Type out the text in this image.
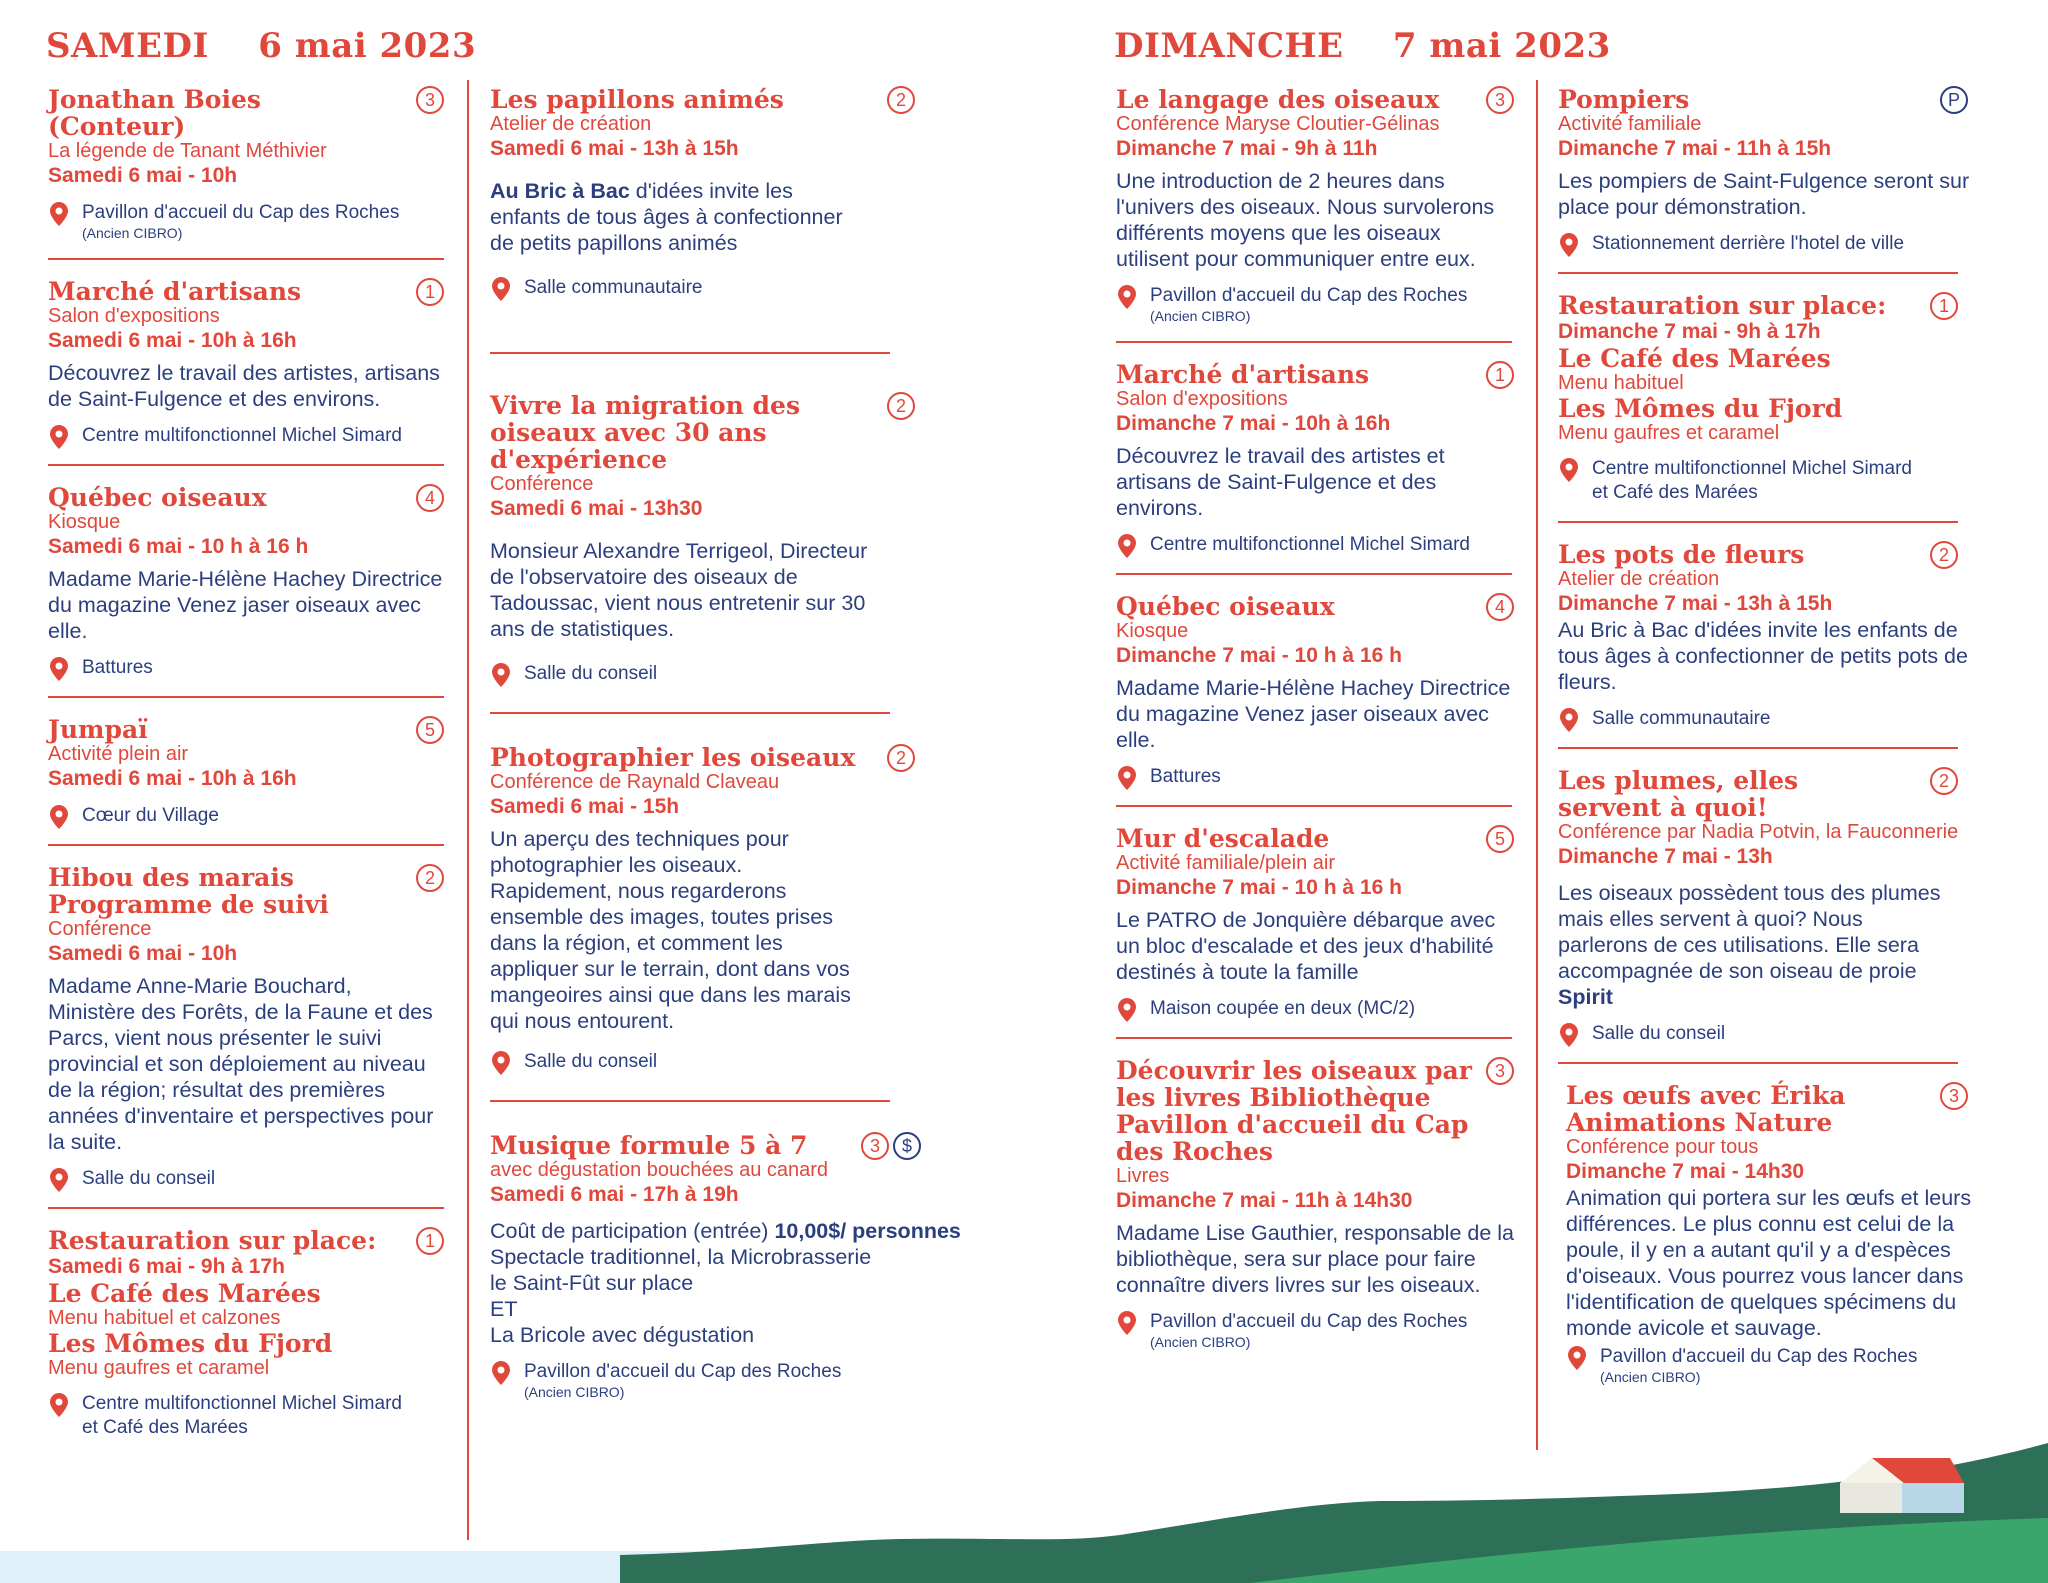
SAMEDI    6 mai 2023	DIMANCHE    7 mai 2023
3
Jonathan Boies (Conteur)
La légende de Tanant Méthivier
Samedi 6 mai - 10h
Pavillon d'accueil du Cap des Roches
(Ancien CIBRO)
1
Marché d'artisans
Salon d'expositions
Samedi 6 mai - 10h à 16h
Découvrez le travail des artistes, artisans de Saint-Fulgence et des environs.
Centre multifonctionnel Michel Simard
4
Québec oiseaux
Kiosque
Samedi 6 mai - 10 h à 16 h
Madame Marie-Hélène Hachey Directrice du magazine Venez jaser oiseaux avec elle.
Battures
5
Jumpaï
Activité plein air
Samedi 6 mai - 10h à 16h
Cœur du Village
2
Hibou des marais Programme de suivi
Conférence
Samedi 6 mai - 10h
Madame Anne-Marie Bouchard, Ministère des Forêts, de la Faune et des Parcs, vient nous présenter le suivi provincial et son déploiement au niveau de la région; résultat des premières années d'inventaire et perspectives pour la suite.
Salle du conseil
1
Restauration sur place:
Samedi 6 mai - 9h à 17h
Le Café des Marées
Menu habituel et calzones
Les Mômes du Fjord
Menu gaufres et caramel
Centre multifonctionnel Michel Simard
et Café des Marées
2
Les papillons animés
Atelier de création
Samedi 6 mai - 13h à 15h
Au Bric à Bac d'idées invite les enfants de tous âges à confectionner de petits papillons animés
Salle communautaire
2
Vivre la migration des oiseaux avec 30 ans d'expérience
Conférence
Samedi 6 mai - 13h30
Monsieur Alexandre Terrigeol, Directeur de l'observatoire des oiseaux de Tadoussac, vient nous entretenir sur 30 ans de statistiques.
Salle du conseil
2
Photographier les oiseaux
Conférence de Raynald Claveau
Samedi 6 mai - 15h
Un aperçu des techniques pour photographier les oiseaux. Rapidement, nous regarderons ensemble des images, toutes prises dans la région, et comment les appliquer sur le terrain, dont dans vos mangeoires ainsi que dans les marais qui nous entourent.
Salle du conseil
3	$
Musique formule 5 à 7
avec dégustation bouchées au canard
Samedi 6 mai - 17h à 19h
Coût de participation (entrée) 10,00$/ personnes
Spectacle traditionnel, la Microbrasserie le Saint-Fût sur place
ET
La Bricole avec dégustation
Pavillon d'accueil du Cap des Roches
(Ancien CIBRO)
3
Le langage des oiseaux
Conférence Maryse Cloutier-Gélinas
Dimanche 7 mai - 9h à 11h
Une introduction de 2 heures dans l'univers des oiseaux. Nous survolerons différents moyens que les oiseaux utilisent pour communiquer entre eux.
Pavillon d'accueil du Cap des Roches
(Ancien CIBRO)
1
Marché d'artisans
Salon d'expositions
Dimanche 7 mai - 10h à 16h
Découvrez le travail des artistes et artisans de Saint-Fulgence et des environs.
Centre multifonctionnel Michel Simard
4
Québec oiseaux
Kiosque
Dimanche 7 mai - 10 h à 16 h
Madame Marie-Hélène Hachey Directrice du magazine Venez jaser oiseaux avec elle.
Battures
5
Mur d'escalade
Activité familiale/plein air
Dimanche 7 mai - 10 h à 16 h
Le PATRO de Jonquière débarque avec un bloc d'escalade et des jeux d'habilité destinés à toute la famille
Maison coupée en deux (MC/2)
3
Découvrir les oiseaux par les livres Bibliothèque Pavillon d'accueil du Cap des Roches
Livres
Dimanche 7 mai - 11h à 14h30
Madame Lise Gauthier, responsable de la bibliothèque, sera sur place pour faire connaître divers livres sur les oiseaux.
Pavillon d'accueil du Cap des Roches
(Ancien CIBRO)
P
Pompiers
Activité familiale
Dimanche 7 mai - 11h à 15h
Les pompiers de Saint-Fulgence seront sur place pour démonstration.
Stationnement derrière l'hotel de ville
1
Restauration sur place:
Dimanche 7 mai - 9h à 17h
Le Café des Marées
Menu habituel
Les Mômes du Fjord
Menu gaufres et caramel
Centre multifonctionnel Michel Simard
et Café des Marées
2
Les pots de fleurs
Atelier de création
Dimanche 7 mai - 13h à 15h
Au Bric à Bac d'idées invite les enfants de tous âges à confectionner de petits pots de fleurs.
Salle communautaire
2
Les plumes, elles servent à quoi!
Conférence par Nadia Potvin, la Fauconnerie
Dimanche 7 mai - 13h
Les oiseaux possèdent tous des plumes mais elles servent à quoi? Nous parlerons de ces utilisations. Elle sera accompagnée de son oiseau de proie Spirit
Salle du conseil
3
Les œufs avec Érika Animations Nature
Conférence pour tous
Dimanche 7 mai - 14h30
Animation qui portera sur les œufs et leurs différences. Le plus connu est celui de la poule, il y en a autant qu'il y a d'espèces d'oiseaux. Vous pourrez vous lancer dans l'identification de quelques spécimens du monde avicole et sauvage.
Pavillon d'accueil du Cap des Roches
(Ancien CIBRO)
